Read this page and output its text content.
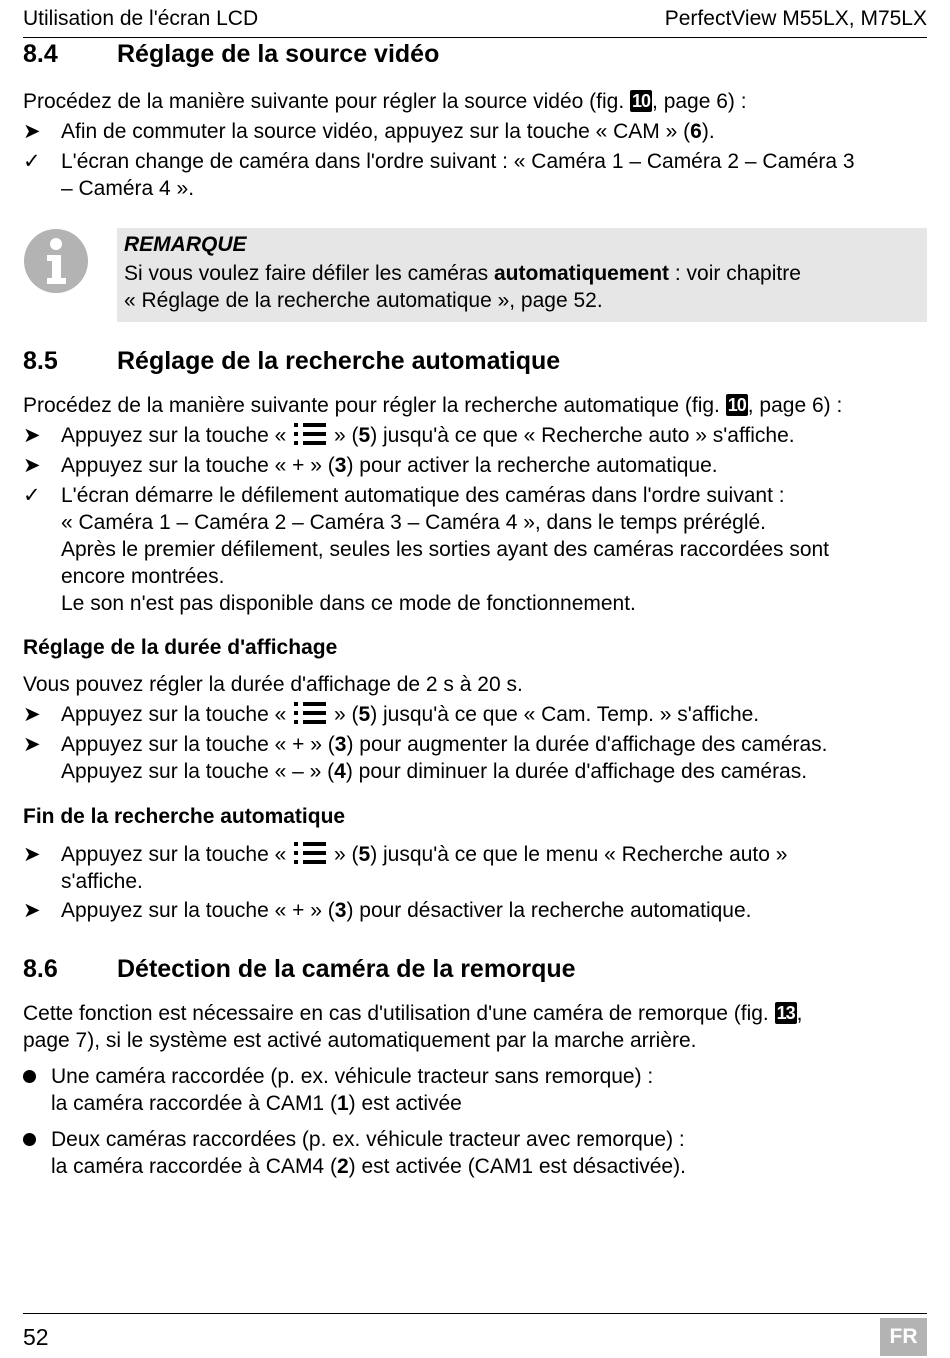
Utilisation de l'écran LCD	PerfectView M55LX, M75LX
8.4 Réglage de la source vidéo
Procédez de la manière suivante pour régler la source vidéo (fig. 10, page 6) :
➤ Afin de commuter la source vidéo, appuyez sur la touche « CAM » (6).
✓ L'écran change de caméra dans l'ordre suivant : « Caméra 1 – Caméra 2 – Caméra 3
– Caméra 4 ».
REMARQUE
Si vous voulez faire défiler les caméras automatiquement : voir chapitre
« Réglage de la recherche automatique », page 52.
8.5 Réglage de la recherche automatique
Procédez de la manière suivante pour régler la recherche automatique (fig. 10, page 6) :
➤ Appuyez sur la touche «  » (5) jusqu'à ce que « Recherche auto » s'affiche.
➤ Appuyez sur la touche « + » (3) pour activer la recherche automatique.
✓ L'écran démarre le défilement automatique des caméras dans l'ordre suivant :
« Caméra 1 – Caméra 2 – Caméra 3 – Caméra 4 », dans le temps préréglé.
Après le premier défilement, seules les sorties ayant des caméras raccordées sont
encore montrées.
Le son n'est pas disponible dans ce mode de fonctionnement.
Réglage de la durée d'affichage
Vous pouvez régler la durée d'affichage de 2 s à 20 s.
➤ Appuyez sur la touche «  » (5) jusqu'à ce que « Cam. Temp. » s'affiche.
➤ Appuyez sur la touche « + » (3) pour augmenter la durée d'affichage des caméras.
Appuyez sur la touche « – » (4) pour diminuer la durée d'affichage des caméras.
Fin de la recherche automatique
➤ Appuyez sur la touche «  » (5) jusqu'à ce que le menu « Recherche auto »
s'affiche.
➤ Appuyez sur la touche « + » (3) pour désactiver la recherche automatique.
8.6 Détection de la caméra de la remorque
Cette fonction est nécessaire en cas d'utilisation d'une caméra de remorque (fig. 13,
page 7), si le système est activé automatiquement par la marche arrière.
Une caméra raccordée (p. ex. véhicule tracteur sans remorque) :
la caméra raccordée à CAM1 (1) est activée
Deux caméras raccordées (p. ex. véhicule tracteur avec remorque) :
la caméra raccordée à CAM4 (2) est activée (CAM1 est désactivée).
52	FR
